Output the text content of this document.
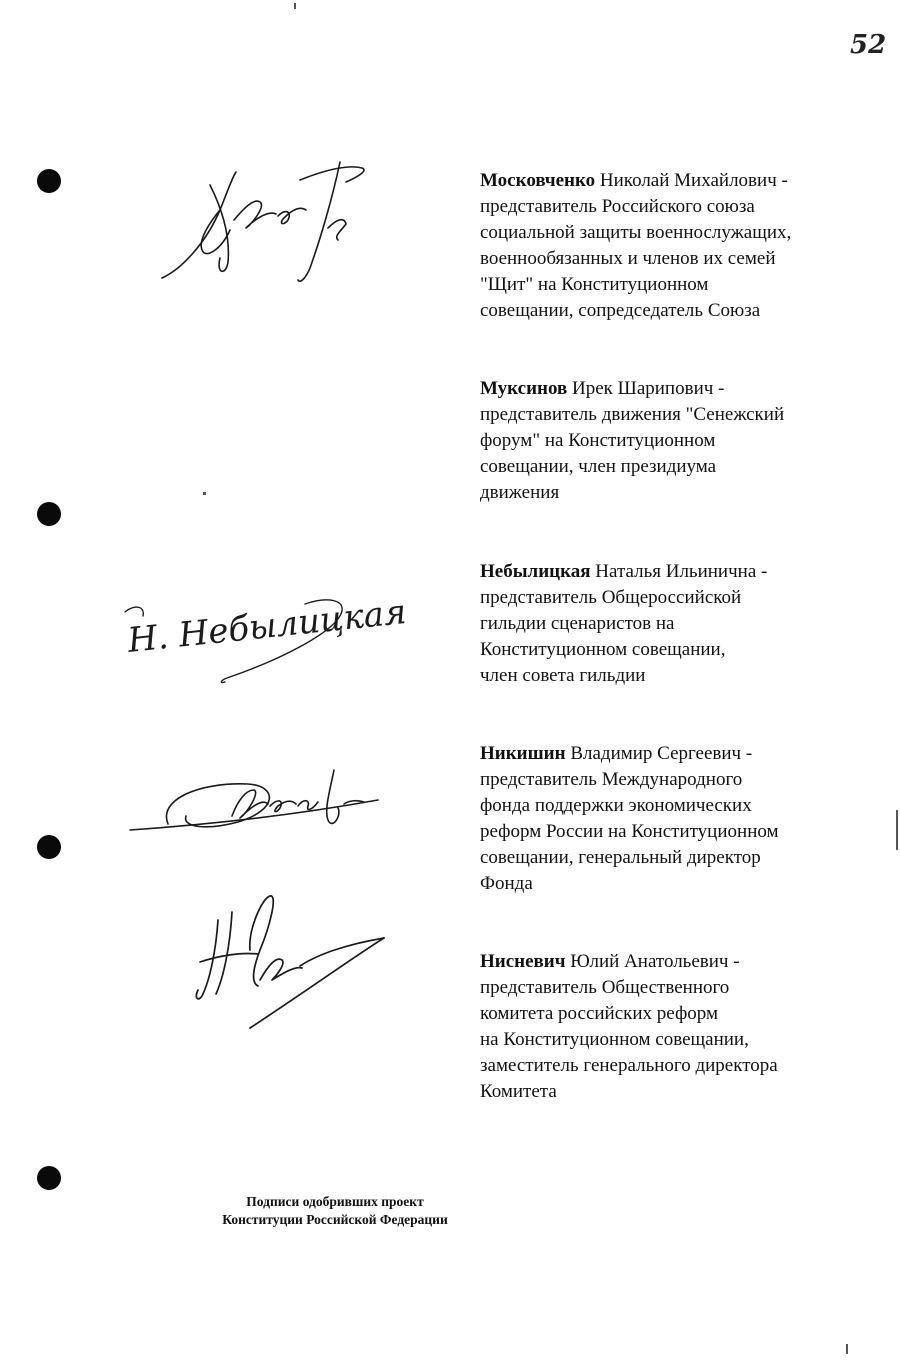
52
Московченко Николай Михайлович -
представитель Российского союза
социальной защиты военнослужащих,
военнообязанных и членов их семей
"Щит" на Конституционном
совещании, сопредседатель Союза
Муксинов Ирек Шарипович -
представитель движения "Сенежский
форум" на Конституционном
совещании, член президиума
движения
Небылицкая Наталья Ильинична -
представитель Общероссийской
гильдии сценаристов на
Конституционном совещании,
член совета гильдии
Никишин Владимир Сергеевич -
представитель Международного
фонда поддержки экономических
реформ России на Конституционном
совещании, генеральный директор
Фонда
Нисневич Юлий Анатольевич -
представитель Общественного
комитета российских реформ
на Конституционном совещании,
заместитель генерального директора
Комитета
Н. Небылицкая
Подписи одобривших проект
Конституции Российской Федерации
